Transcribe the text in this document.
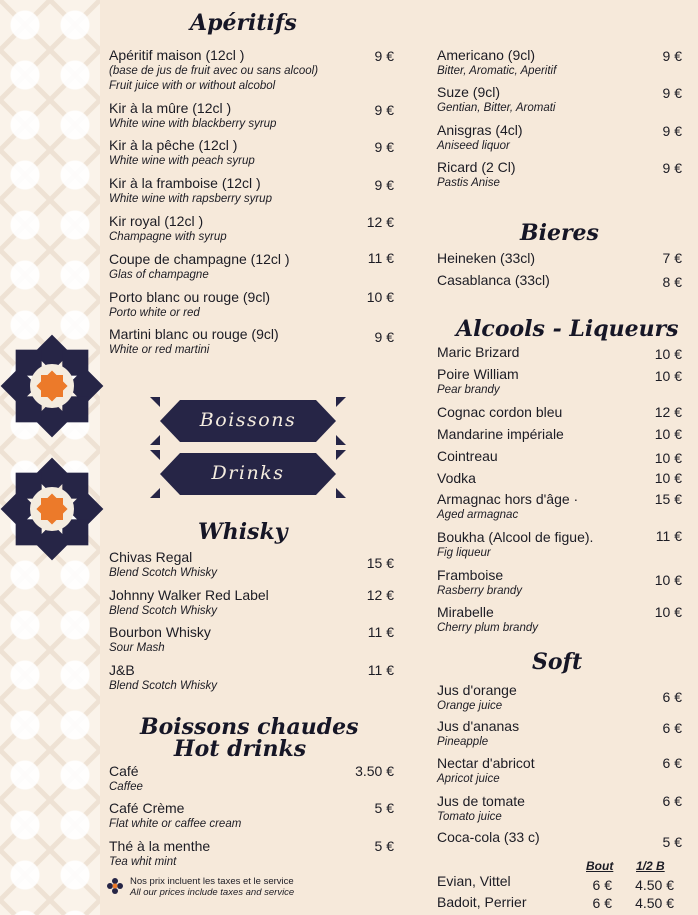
Apéritifs
Apéritif maison (12cl )
(base de jus de fruit avec ou sans alcool)
Fruit juice with or without alcobol
9 €
Kir à la mûre (12cl )
White wine with blackberry syrup
9 €
Kir à la pêche (12cl )
White wine with peach syrup
9 €
Kir à la framboise (12cl )
White wine with rapsberry syrup
9 €
Kir royal (12cl )
Champagne with syrup
12 €
Coupe de champagne (12cl )
Glas of champagne
11 €
Porto blanc ou rouge (9cl)
Porto white or red
10 €
Martini blanc ou rouge (9cl)
White or red martini
9 €
Boissons
Drinks
Whisky
Chivas Regal
Blend Scotch Whisky
15 €
Johnny Walker Red Label
Blend Scotch Whisky
12 €
Bourbon Whisky
Sour Mash
11 €
J&B
Blend Scotch Whisky
11 €
Boissons chaudes
Hot drinks
Café
Caffee
3.50 €
Café Crème
Flat white or caffee cream
5 €
Thé à la menthe
Tea whit mint
5 €
Nos prix incluent les taxes et le service
All our prices include taxes and service
Americano (9cl)
Bitter, Aromatic, Aperitif
9 €
Suze (9cl)
Gentian, Bitter, Aromati
9 €
Anisgras (4cl)
Aniseed liquor
9 €
Ricard (2 Cl)
Pastis Anise
9 €
Bieres
Heineken (33cl)	7 €
Casablanca (33cl)	8 €
Alcools - Liqueurs
Maric Brizard	10 €
Poire William
Pear brandy
10 €
Cognac cordon bleu	12 €
Mandarine impériale	10 €
Cointreau	10 €
Vodka	10 €
Armagnac hors d'âge ·
Aged armagnac
15 €
Boukha (Alcool de figue).
Fig liqueur
11 €
Framboise
Rasberry brandy
10 €
Mirabelle
Cherry plum brandy
10 €
Soft
Jus d'orange
Orange juice
6 €
Jus d'ananas
Pineapple
6 €
Nectar d'abricot
Apricot juice
6 €
Jus de tomate
Tomato juice
6 €
Coca-cola (33 c)	5 €
Bout 1/2 B
Evian, Vittel	6 €	4.50 €
Badoit, Perrier	6 €	4.50 €
